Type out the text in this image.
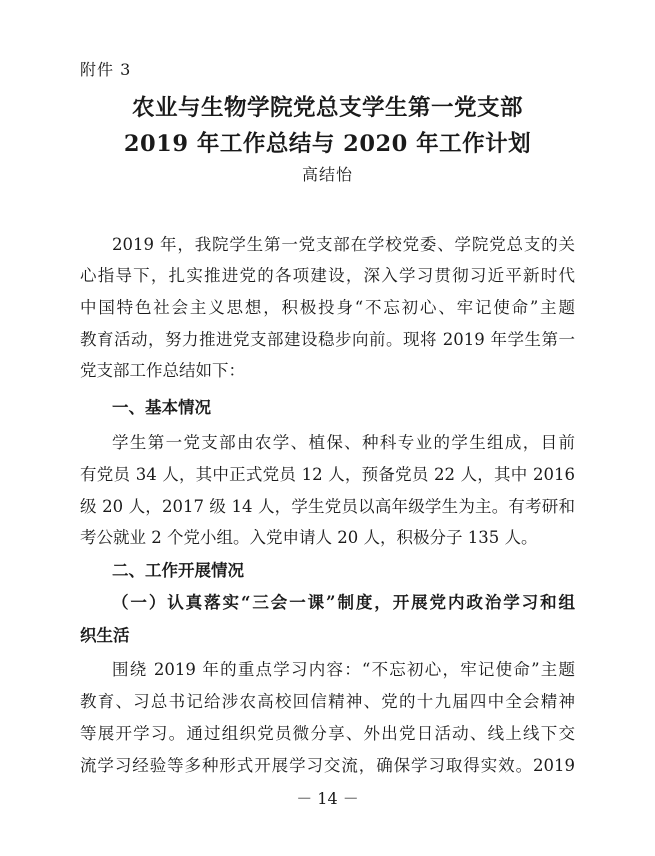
附件 3
农业与生物学院党总支学生第一党支部
2019 年工作总结与 2020 年工作计划
高结怡
2019 年，我院学生第一党支部在学校党委、学院党总支的关
心指导下，扎实推进党的各项建设，深入学习贯彻习近平新时代
中国特色社会主义思想，积极投身“不忘初心、牢记使命”主题
教育活动，努力推进党支部建设稳步向前。现将 2019 年学生第一
党支部工作总结如下：
一、基本情况
学生第一党支部由农学、植保、种科专业的学生组成，目前
有党员 34 人，其中正式党员 12 人，预备党员 22 人，其中 2016
级 20 人，2017 级 14 人，学生党员以高年级学生为主。有考研和
考公就业 2 个党小组。入党申请人 20 人，积极分子 135 人。
二、工作开展情况
（一）认真落实“三会一课”制度，开展党内政治学习和组
织生活
围绕 2019 年的重点学习内容：“不忘初心，牢记使命”主题
教育、习总书记给涉农高校回信精神、党的十九届四中全会精神
等展开学习。通过组织党员微分享、外出党日活动、线上线下交
流学习经验等多种形式开展学习交流，确保学习取得实效。2019
－ 14 －
